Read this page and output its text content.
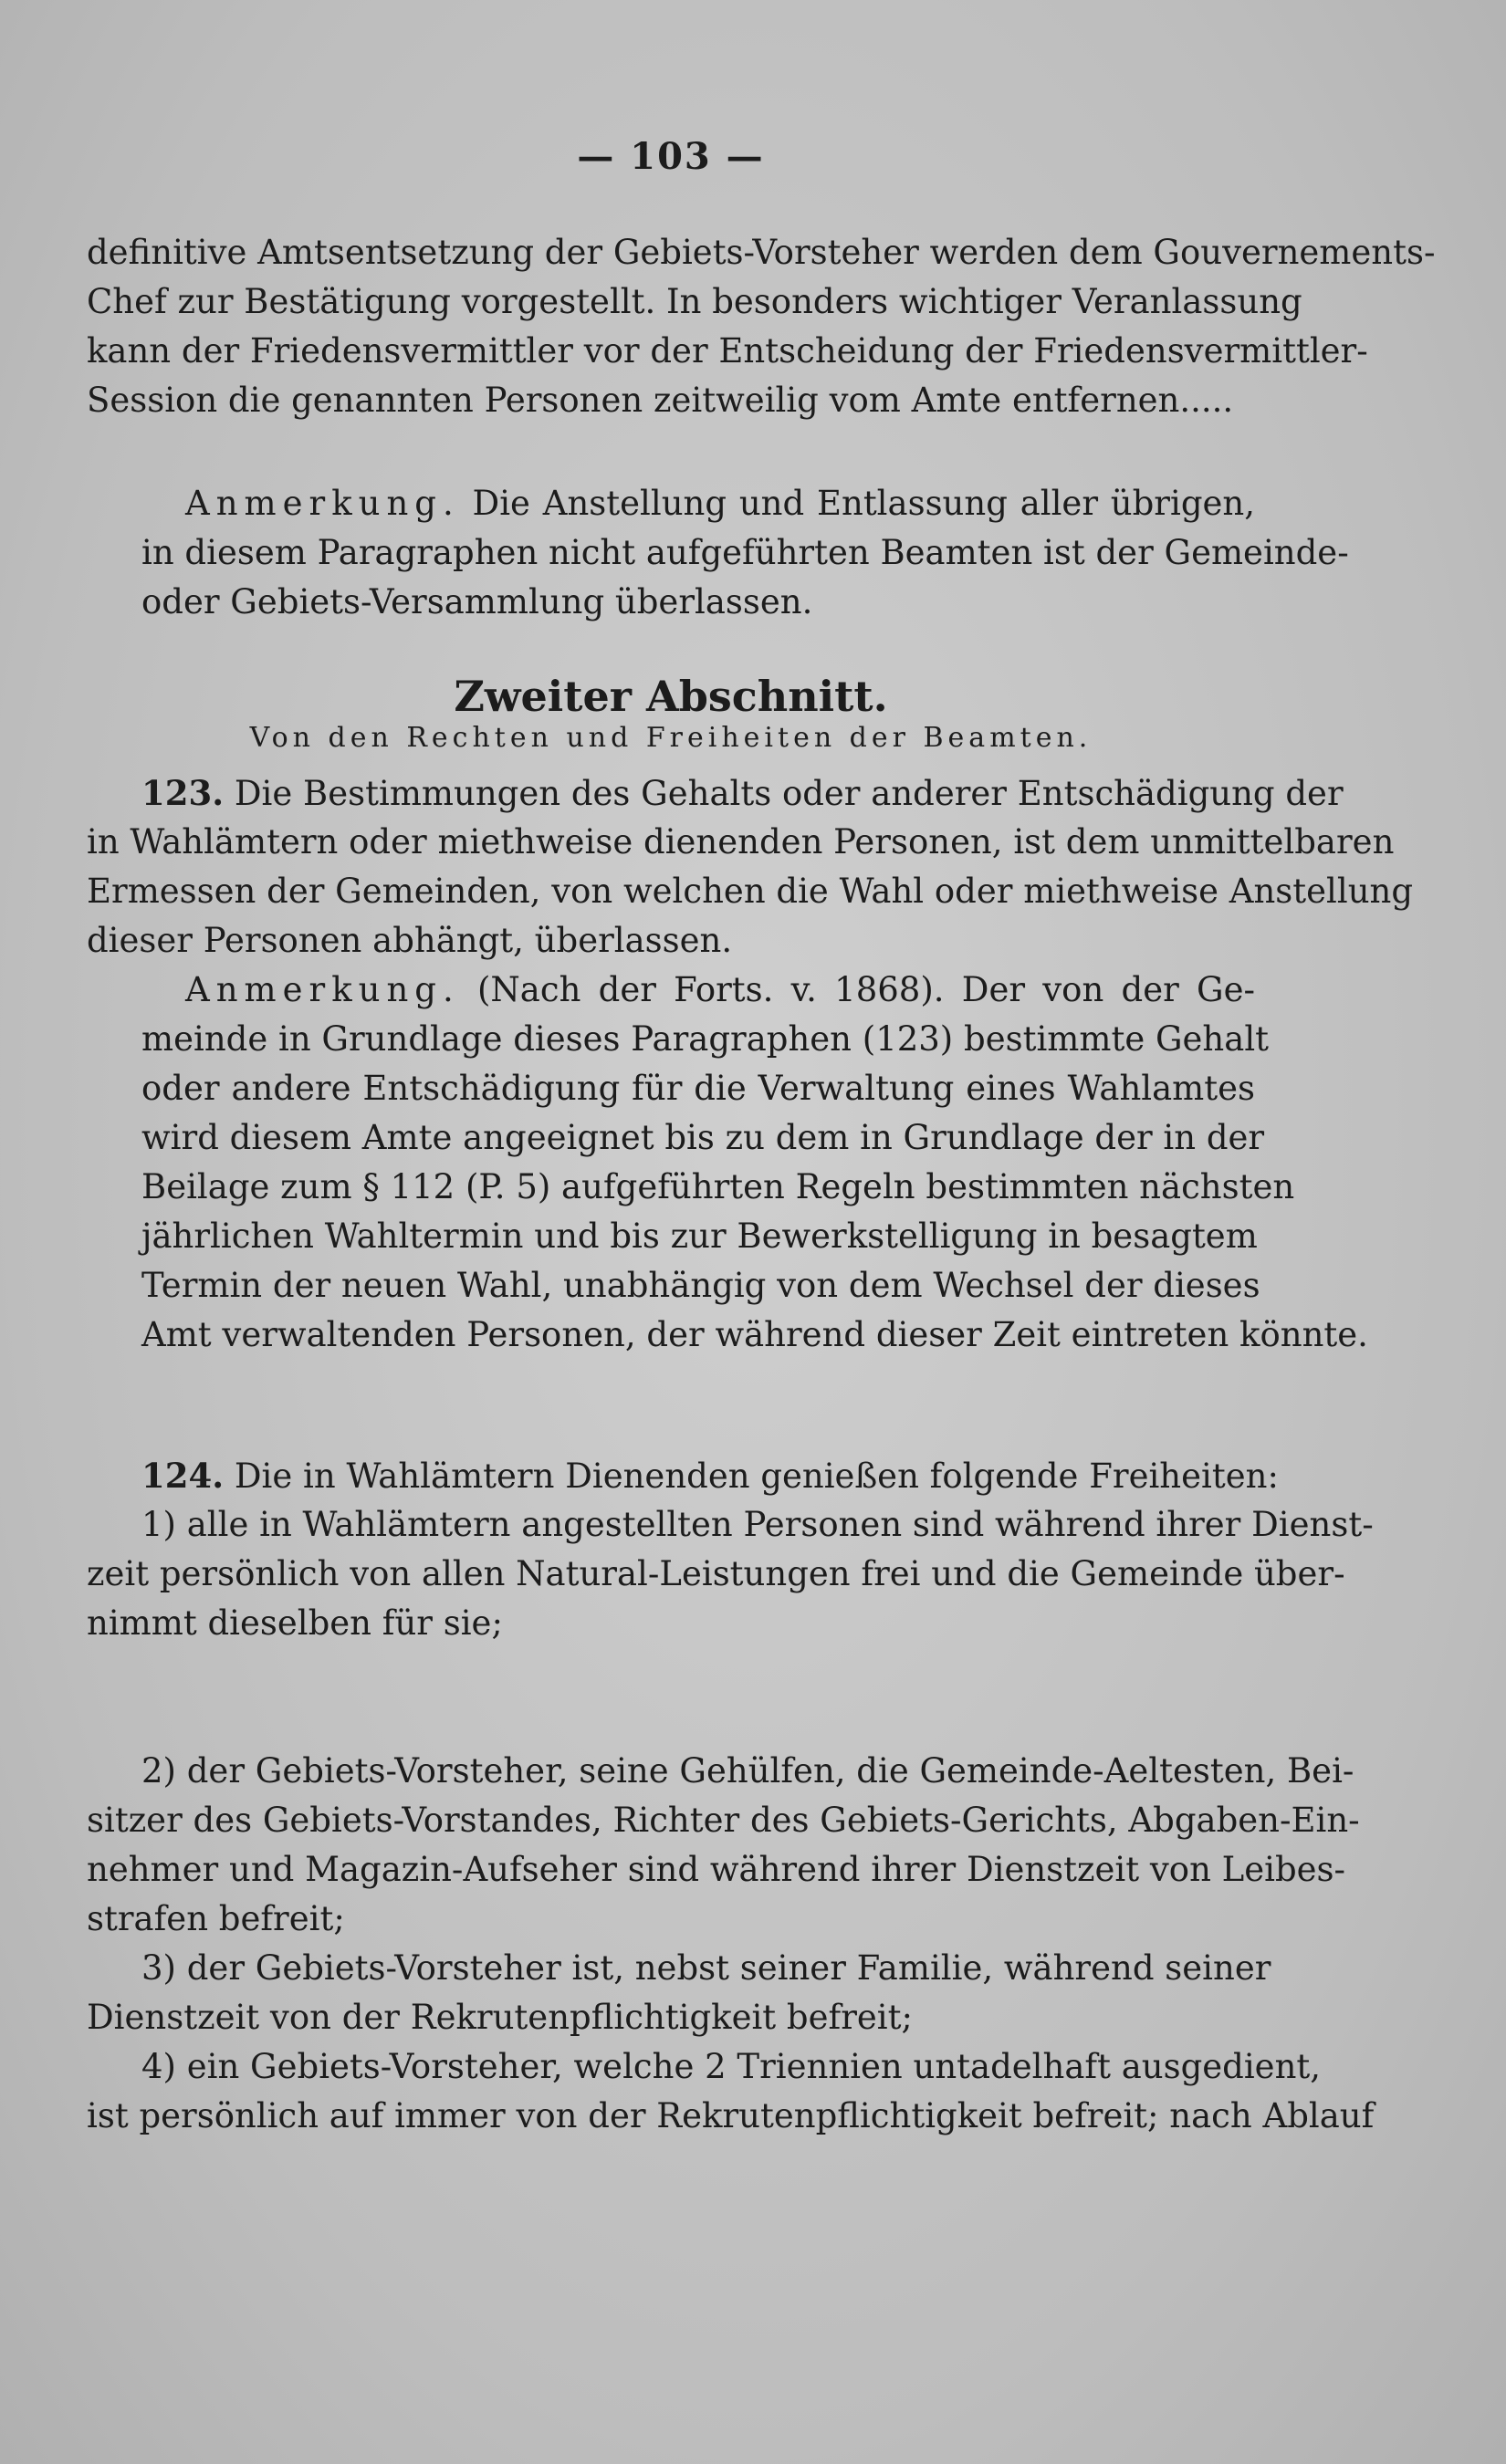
— 103 —
definitive Amtsentsetzung der Gebiets-Vorsteher werden dem Gouvernements-
Chef zur Bestätigung vorgestellt. In besonders wichtiger Veranlassung
kann der Friedensvermittler vor der Entscheidung der Friedensvermittler-
Session die genannten Personen zeitweilig vom Amte entfernen.....
Anmerkung. Die Anstellung und Entlassung aller übrigen,
in diesem Paragraphen nicht aufgeführten Beamten ist der Gemeinde-
oder Gebiets-Versammlung überlassen.
Zweiter Abschnitt.
Von den Rechten und Freiheiten der Beamten.
123. Die Bestimmungen des Gehalts oder anderer Entschädigung der
in Wahlämtern oder miethweise dienenden Personen, ist dem unmittelbaren
Ermessen der Gemeinden, von welchen die Wahl oder miethweise Anstellung
dieser Personen abhängt, überlassen.
Anmerkung. (Nach der Forts. v. 1868). Der von der Ge-
meinde in Grundlage dieses Paragraphen (123) bestimmte Gehalt
oder andere Entschädigung für die Verwaltung eines Wahlamtes
wird diesem Amte angeeignet bis zu dem in Grundlage der in der
Beilage zum § 112 (P. 5) aufgeführten Regeln bestimmten nächsten
jährlichen Wahltermin und bis zur Bewerkstelligung in besagtem
Termin der neuen Wahl, unabhängig von dem Wechsel der dieses
Amt verwaltenden Personen, der während dieser Zeit eintreten könnte.
124. Die in Wahlämtern Dienenden genießen folgende Freiheiten:
1) alle in Wahlämtern angestellten Personen sind während ihrer Dienst-
zeit persönlich von allen Natural-Leistungen frei und die Gemeinde über-
nimmt dieselben für sie;
2) der Gebiets-Vorsteher, seine Gehülfen, die Gemeinde-Aeltesten, Bei-
sitzer des Gebiets-Vorstandes, Richter des Gebiets-Gerichts, Abgaben-Ein-
nehmer und Magazin-Aufseher sind während ihrer Dienstzeit von Leibes-
strafen befreit;
3) der Gebiets-Vorsteher ist, nebst seiner Familie, während seiner
Dienstzeit von der Rekrutenpflichtigkeit befreit;
4) ein Gebiets-Vorsteher, welche 2 Triennien untadelhaft ausgedient,
ist persönlich auf immer von der Rekrutenpflichtigkeit befreit; nach Ablauf
